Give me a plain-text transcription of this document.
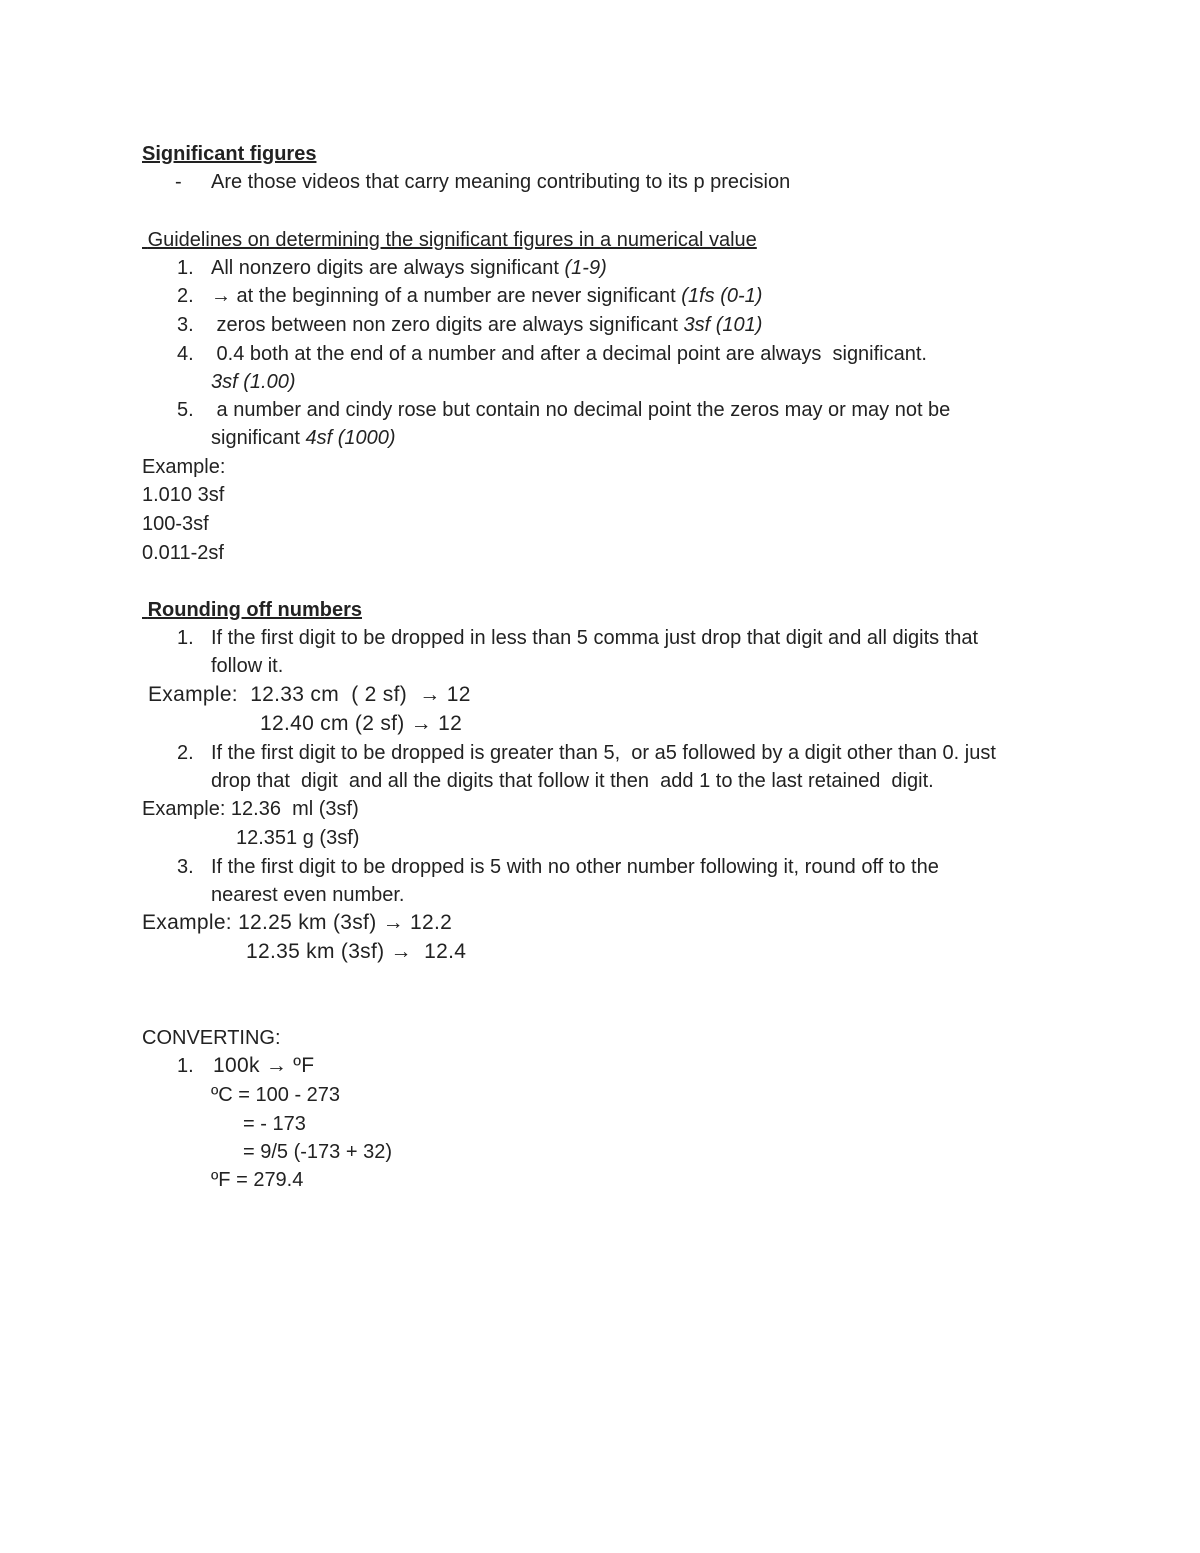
Significant figures
- Are those videos that carry meaning contributing to its p precision
Guidelines on determining the significant figures in a numerical value
1. All nonzero digits are always significant (1-9)
2. → at the beginning of a number are never significant (1fs (0-1)
3. zeros between non zero digits are always significant 3sf (101)
4. 0.4 both at the end of a number and after a decimal point are always  significant.
3sf (1.00)
5. a number and cindy rose but contain no decimal point the zeros may or may not be
significant 4sf (1000)
Example:
1.010 3sf
100-3sf
0.011-2sf
Rounding off numbers
1. If the first digit to be dropped in less than 5 comma just drop that digit and all digits that
follow it.
Example:  12.33 cm  ( 2 sf)  → 12
12.40 cm (2 sf) → 12
2. If the first digit to be dropped is greater than 5,  or a5 followed by a digit other than 0. just
drop that  digit  and all the digits that follow it then  add 1 to the last retained  digit.
Example: 12.36  ml (3sf)
12.351 g (3sf)
3. If the first digit to be dropped is 5 with no other number following it, round off to the
nearest even number.
Example: 12.25 km (3sf) → 12.2
12.35 km (3sf) →  12.4
CONVERTING:
1. 100k → ºF
ºC = 100 - 273
= - 173
= 9/5 (-173 + 32)
ºF = 279.4
